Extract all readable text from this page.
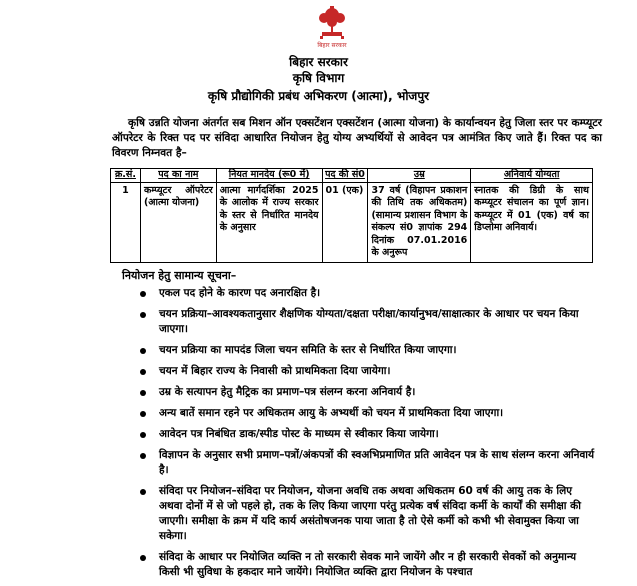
बिहार सरकार
बिहार सरकार
कृषि विभाग
कृषि प्रौद्योगिकी प्रबंध अभिकरण (आत्मा), भोजपुर
कृषि उन्नति योजना अंतर्गत सब मिशन ऑन एक्सटेंशन एक्सटेंशन (आत्मा योजना) के कार्यान्वयन हेतु जिला स्तर पर कम्प्यूटर ऑपरेटर के रिक्त पद पर संविदा आधारित नियोजन हेतु योग्य अभ्यर्थियों से आवेदन पत्र आमंत्रित किए जाते हैं। रिक्त पद का विवरण निम्नवत है–
क्र.सं.	पद का नाम	नियत मानदेय (रू0 में)	पद की सं0	उम्र	अनिवार्य योग्यता
1	कम्प्यूटर ऑपरेटर (आत्मा योजना)	आत्मा मार्गदर्शिका 2025 के आलोक में राज्य सरकार के स्तर से निर्धारित मानदेय के अनुसार	01 (एक)	37 वर्ष (विहापन प्रकाशन की तिथि तक अधिकतम) (सामान्य प्रशासन विभाग के संकल्प सं0 ज्ञापांक 294 दिनांक 07.01.2016 के अनुरूप	स्नातक की डिग्री के साथ कम्प्यूटर संचालन का पूर्ण ज्ञान। कम्प्यूटर में 01 (एक) वर्ष का डिप्लोमा अनिवार्य।
नियोजन हेतु सामान्य सूचना–
एकल पद होने के कारण पद अनारक्षित है।
चयन प्रक्रिया–आवश्यकतानुसार शैक्षणिक योग्यता/दक्षता परीक्षा/कार्यानुभव/साक्षात्कार के आधार पर चयन किया जाएगा।
चयन प्रक्रिया का मापदंड जिला चयन समिति के स्तर से निर्धारित किया जाएगा।
चयन में बिहार राज्य के निवासी को प्राथमिकता दिया जायेगा।
उम्र के सत्यापन हेतु मैट्रिक का प्रमाण–पत्र संलग्न करना अनिवार्य है।
अन्य बातें समान रहने पर अधिकतम आयु के अभ्यर्थी को चयन में प्राथमिकता दिया जाएगा।
आवेदन पत्र निबंधित डाक/स्पीड पोस्ट के माध्यम से स्वीकार किया जायेगा।
विज्ञापन के अनुसार सभी प्रमाण–पत्रों/अंकपत्रों की स्वअभिप्रमाणित प्रति आवेदन पत्र के साथ संलग्न करना अनिवार्य है।
संविदा पर नियोजन–संविदा पर नियोजन, योजना अवधि तक अथवा अधिकतम 60 वर्ष की आयु तक के लिए अथवा दोनों में से जो पहले हो, तक के लिए किया जाएगा परंतु प्रत्येक वर्ष संविदा कर्मी के कार्यों की समीक्षा की जाएगी। समीक्षा के क्रम में यदि कार्य असंतोषजनक पाया जाता है तो ऐसे कर्मी को कभी भी सेवामुक्त किया जा सकेगा।
संविदा के आधार पर नियोजित व्यक्ति न तो सरकारी सेवक माने जायेंगे और न ही सरकारी सेवकों को अनुमान्य किसी भी सुविधा के हकदार माने जायेंगे। नियोजित व्यक्ति द्वारा नियोजन के पश्चात
